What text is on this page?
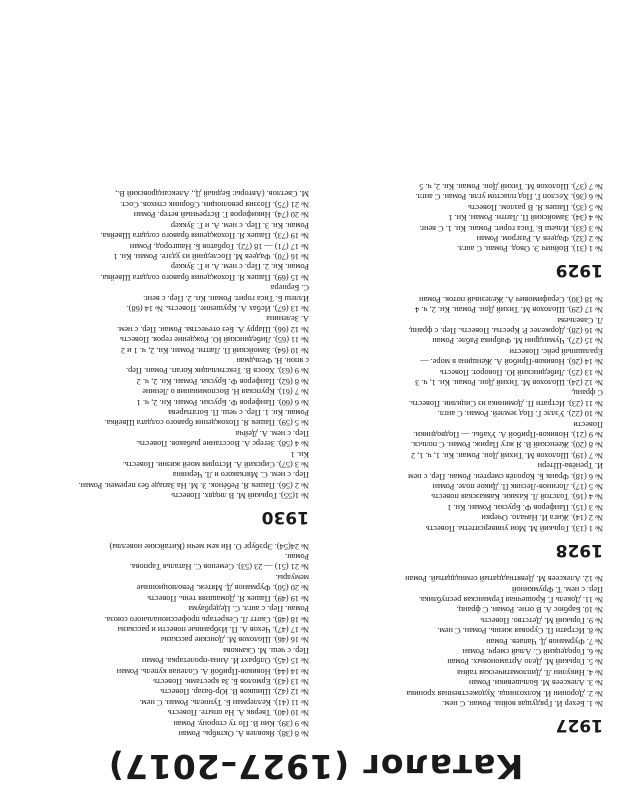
Каталог (1927–2017)
1927
№ 1. Бехер И. Грядущая война. Роман. С нем.
№ 2. Доронин И. Колхозница. Художественная хроника
№ 3. Алексеев М. Большевики. Роман
№ 4. Никулин Л. Дипломатическая тайна
№ 5. Горький М. Дело Артамоновых. Роман
№ 6. Городецкий С. Алый смерч. Роман
№ 7. Фурманов Д. Чапаев. Роман
№ 8. Истрати П. Суровая жизнь. Роман. С нем.
№ 9. Горький М. Детство. Повесть
№ 10. Барбюс А. В огне. Роман. С франц.
№ 11. Докель Г. Крошечная Германская республика.
Пер. с нем. Т. Фрумкиной
№ 12. Алексеев М. Девятнадцатый семнадцатый. Роман
1928
№ 1 (13). Горький М. Мои университеты. Повесть
№ 2 (14). Жига И. Начало. Очерки
№ 3 (15). Панферов Ф. Бруски. Роман. Кн. 1
№ 4 (16). Толстой Л. Казаки. Кавказская повесть
№ 5 (17). Логинов-Лесняк П. Дикое поле. Роман
№ 6 (18). Франк Б. Королёв смертен. Роман. Пер. с нем
И. Тренёва-Штерн
№ 7 (19). Шолохов М. Тихий Дон. Роман. Кн. 1, ч. 1, 2
№ 8 (20). Жеенский В. Я жгу Париж. Роман. С польск.
№ 9 (21). Новиков-Прибой А. Ухабы. — Подводники.
Повести
№ 10 (22). Уэллс Г. Под землей. Роман. С англ.
№ 11 (23). Истрати П. Доминика из Сицилии. Повесть.
С франц.
№ 12 (24). Шолохов М. Тихий Дон. Роман. Кн. 1, ч. 3
№ 13 (25). Либединский Ю. Поворот. Повесть
№ 14 (26). Новиков-Прибой А. Женщина в море. —
Ералашный рейс. Повести
№ 15 (27). Чумандрин М. Фабрика Рабле. Роман
№ 16 (28). Доржелес Р. Кресты. Повесть. Пер. с франц.
Л. Савельева
№ 17 (29). Шолохов М. Тихий Дон. Роман. Кн. 2, ч. 4
№ 18 (30). Серафимович А. Железный поток. Роман
1929
№ 1 (31). Войнич Э. Овод. Роман. С англ.
№ 2 (32). Фадеев А. Разгром. Роман
№ 3 (33). Ильеш Б. Тиса горит. Роман. Кн. 1. С венг.
№ 4 (34). Замойский П. Лапти. Роман. Кн. 1
№ 5 (35). Пашек Я. В разлом. Повесть
№ 6 (36). Хеслоп Г. Под пластом угля. Роман. С англ.
№ 7 (37). Шолохов М. Тихий Дон. Роман. Кн. 2, ч. 5
№ 8 (38). Яковлев А. Октябрь. Роман
№ 9 (39). Кин В. По ту сторону. Роман
№ 10 (40). Тверяк А. На опыте. Повесть
№ 11 (41). Келлерман Б. Туннель. Роман. С нем.
№ 12 (42). Шишков В. Юр-базар. Повесть
№ 13 (43). Ермолов Б. За крестами. Повесть
№ 14 (44). Новиков-Прибой А. Соленая купель. Роман
№ 15 (45). Олбрахт И. Анна-пролетарка. Роман
Пер. с чеш. М. Скачкова
№ 16 (46). Шолохов М. Донские рассказы
№ 17 (47). Чехов А. П. Избранные повести и рассказы
№ 18 (48). Скотт Л. Секретарь профессионального союза.
Роман. Пер. с англ. С. Цедербаума
№ 19 (49). Пашек Я. Домашняя тень. Повесть
№ 20 (50). Фурманов Д. Мятеж. Революционные
мемуары.
№ 21 (51) — 23 (53). Семенов С. Наталья Тарпова.
Роман.
№ 24(54). Эрэбург О. Ни кем мечи (Китайские новеллы)
1930
№ 1(55). Горький М. В людях. Повесть
№ 2 (56). Пашек Я. Ребёнок. З. М. На Западе без перемен. Роман.
Пер. с нем. С. Мягкакого и Л. Черняна
№ 3 (57). Сирский А. История моей жизни. Повесть.
Кн. 1
№ 4 (58). Зегерс А. Восстание рыбаков. Повесть.
Пер. с нем. А. Дейча
№ 5 (59). Пашек Я. Похождения бравого солдата Швейка.
Роман. Кн. 1. Пер. с чеш. П. Богатырева
№ 6 (60). Панферов Ф. Бруски. Роман. Кн. 2, ч. 1
№ 7 (61). Крупская Н. Воспоминания о Ленине
№ 8 (62). Панферов Ф. Бруски. Роман. Кн. 2, ч. 2
№ 9 (63). Хоосв В. Текстильщик Когап. Роман. Пер.
с япон. Н. Фельдман
№ 10 (64). Замойский П. Лапти. Роман. Кн. 2, ч. 1 и 2
№ 11 (65). Либединский Ю. Рождение героя. Повесть
№ 12 (66). Шарру А. Без отечества. Роман. Пер. с нем.
А. Зеленина
№ 13 (67). Исбах А. Крушение. Повесть. № 14 (68).
Иллеш Б. Тиса горит. Роман. Кн. 2. Пер. с венг.
С. Бернера
№ 15 (69). Пашек Я. Похождения бравого солдата Швейка.
Роман. Кн. 2. Пер. с нем. А. и Г. Зуккер
№ 16 (70). Фадеев М. Последний из удэге. Роман. Кн. 1
№ 17 (71) — 18 (72). Горбатов Б. Нашгород. Роман
№ 19 (73). Пашек Я. Похождения бравого солдата Швейка.
Роман. Кн. 3. Пер. с нем. А. и Г. Зуккер
№ 20 (74). Никифоров Г. Встречный ветер. Роман
№ 21 (75). Поэзия революции. Сборник стихов. Сост.
М. Светлов. (Авторы: Бедный Д., Александровский В.,
